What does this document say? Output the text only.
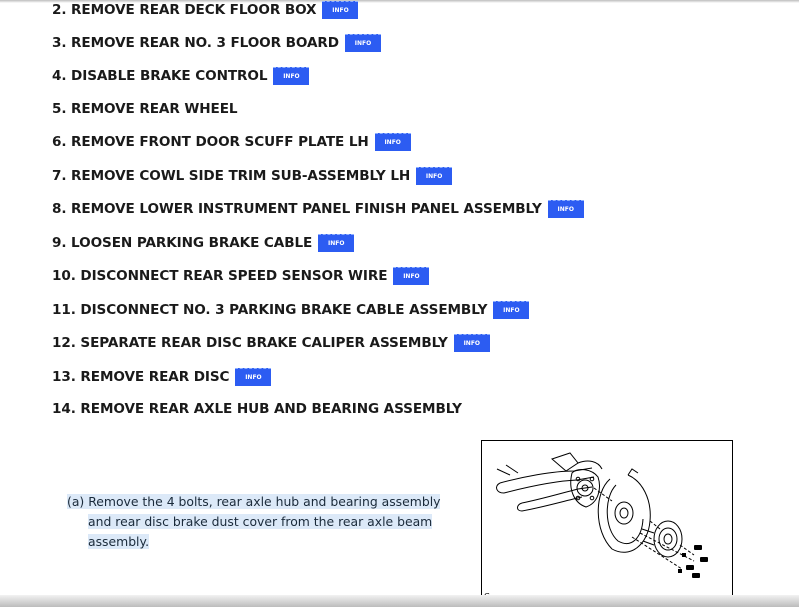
2. REMOVE REAR DECK FLOOR BOX	INFO
3. REMOVE REAR NO. 3 FLOOR BOARD	INFO
4. DISABLE BRAKE CONTROL	INFO
5. REMOVE REAR WHEEL
6. REMOVE FRONT DOOR SCUFF PLATE LH	INFO
7. REMOVE COWL SIDE TRIM SUB-ASSEMBLY LH	INFO
8. REMOVE LOWER INSTRUMENT PANEL FINISH PANEL ASSEMBLY	INFO
9. LOOSEN PARKING BRAKE CABLE	INFO
10. DISCONNECT REAR SPEED SENSOR WIRE	INFO
11. DISCONNECT NO. 3 PARKING BRAKE CABLE ASSEMBLY	INFO
12. SEPARATE REAR DISC BRAKE CALIPER ASSEMBLY	INFO
13. REMOVE REAR DISC	INFO
14. REMOVE REAR AXLE HUB AND BEARING ASSEMBLY
(a) Remove the 4 bolts, rear axle hub and bearing assembly
and rear disc brake dust cover from the rear axle beam
assembly.
